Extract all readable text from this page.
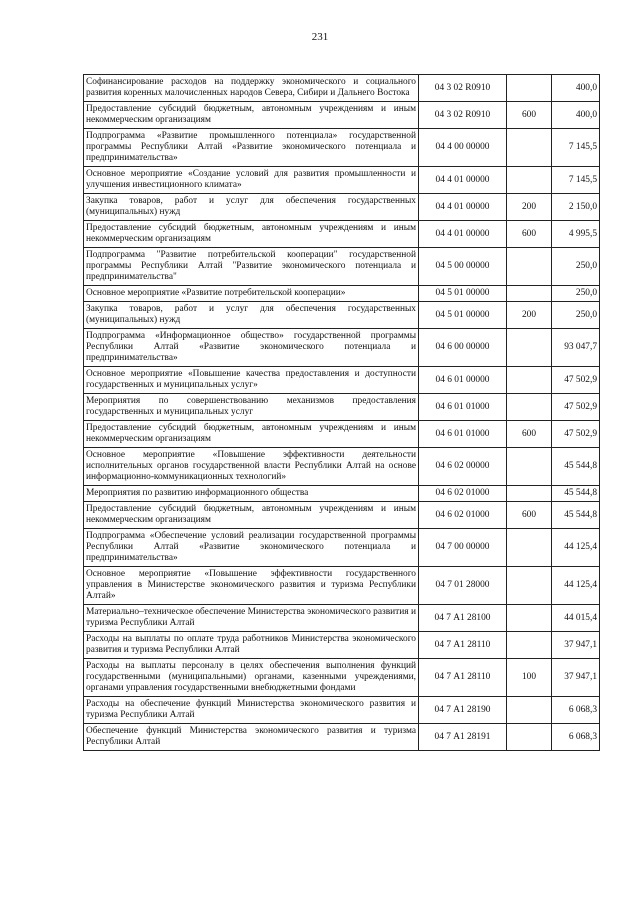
231
Софинансирование расходов на поддержку экономического и социального развития коренных малочисленных народов Севера, Сибири и Дальнего Востока	04 3 02 R0910		400,0
Предоставление субсидий бюджетным, автономным учреждениям и иным некоммерческим организациям	04 3 02 R0910	600	400,0
Подпрограмма «Развитие промышленного потенциала» государственной программы Республики Алтай «Развитие экономического потенциала и предпринимательства»	04 4 00 00000		7 145,5
Основное мероприятие «Создание условий для развития промышленности и улучшения инвестиционного климата»	04 4 01 00000		7 145,5
Закупка товаров, работ и услуг для обеспечения государственных (муниципальных) нужд	04 4 01 00000	200	2 150,0
Предоставление субсидий бюджетным, автономным учреждениям и иным некоммерческим организациям	04 4 01 00000	600	4 995,5
Подпрограмма "Развитие потребительской кооперации" государственной программы Республики Алтай "Развитие экономического потенциала и предпринимательства"	04 5 00 00000		250,0
Основное мероприятие «Развитие потребительской кооперации»	04 5 01 00000		250,0
Закупка товаров, работ и услуг для обеспечения государственных (муниципальных) нужд	04 5 01 00000	200	250,0
Подпрограмма «Информационное общество» государственной программы Республики Алтай «Развитие экономического потенциала и предпринимательства»	04 6 00 00000		93 047,7
Основное мероприятие «Повышение качества предоставления и доступности государственных и муниципальных услуг»	04 6 01 00000		47 502,9
Мероприятия по совершенствованию механизмов предоставления государственных и муниципальных услуг	04 6 01 01000		47 502,9
Предоставление субсидий бюджетным, автономным учреждениям и иным некоммерческим организациям	04 6 01 01000	600	47 502,9
Основное мероприятие «Повышение эффективности деятельности исполнительных органов государственной власти Республики Алтай на основе информационно-коммуникационных технологий»	04 6 02 00000		45 544,8
Мероприятия по развитию информационного общества	04 6 02 01000		45 544,8
Предоставление субсидий бюджетным, автономным учреждениям и иным некоммерческим организациям	04 6 02 01000	600	45 544,8
Подпрограмма «Обеспечение условий реализации государственной программы Республики Алтай «Развитие экономического потенциала и предпринимательства»	04 7 00 00000		44 125,4
Основное мероприятие «Повышение эффективности государственного управления в Министерстве экономического развития и туризма Республики Алтай»	04 7 01 28000		44 125,4
Материально–техническое обеспечение Министерства экономического развития и туризма Республики Алтай	04 7 А1 28100		44 015,4
Расходы на выплаты по оплате труда работников Министерства экономического развития и туризма Республики Алтай	04 7 А1 28110		37 947,1
Расходы на выплаты персоналу в целях обеспечения выполнения функций государственными (муниципальными) органами, казенными учреждениями, органами управления государственными внебюджетными фондами	04 7 А1 28110	100	37 947,1
Расходы на обеспечение функций Министерства экономического развития и туризма Республики Алтай	04 7 А1 28190		6 068,3
Обеспечение функций Министерства экономического развития и туризма Республики Алтай	04 7 А1 28191		6 068,3
